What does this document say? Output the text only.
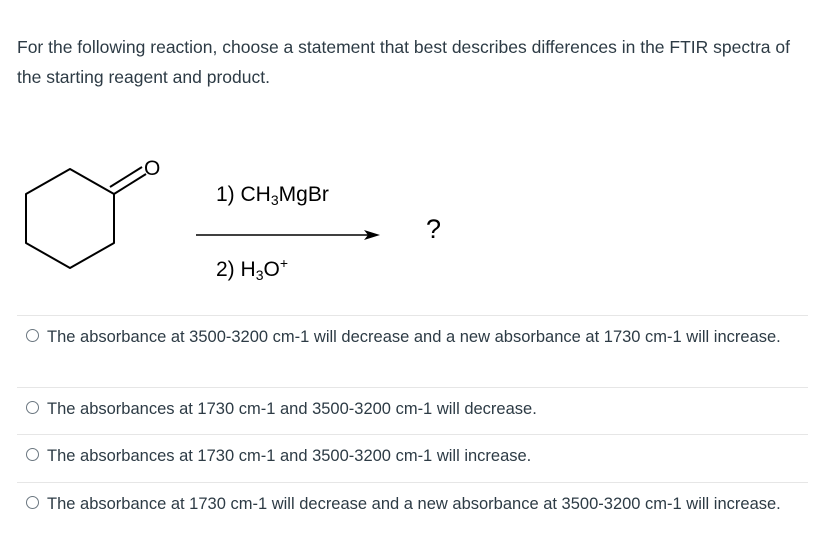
For the following reaction, choose a statement that best describes differences in the FTIR spectra of the starting reagent and product.
O
1) $CH_3MgBr$
2) $H_3O^+$
?
The absorbance at 3500-3200 cm-1 will decrease and a new absorbance at 1730 cm-1 will increase.
The absorbances at 1730 cm-1 and 3500-3200 cm-1 will decrease.
The absorbances at 1730 cm-1 and 3500-3200 cm-1 will increase.
The absorbance at 1730 cm-1 will decrease and a new absorbance at 3500-3200 cm-1 will increase.
